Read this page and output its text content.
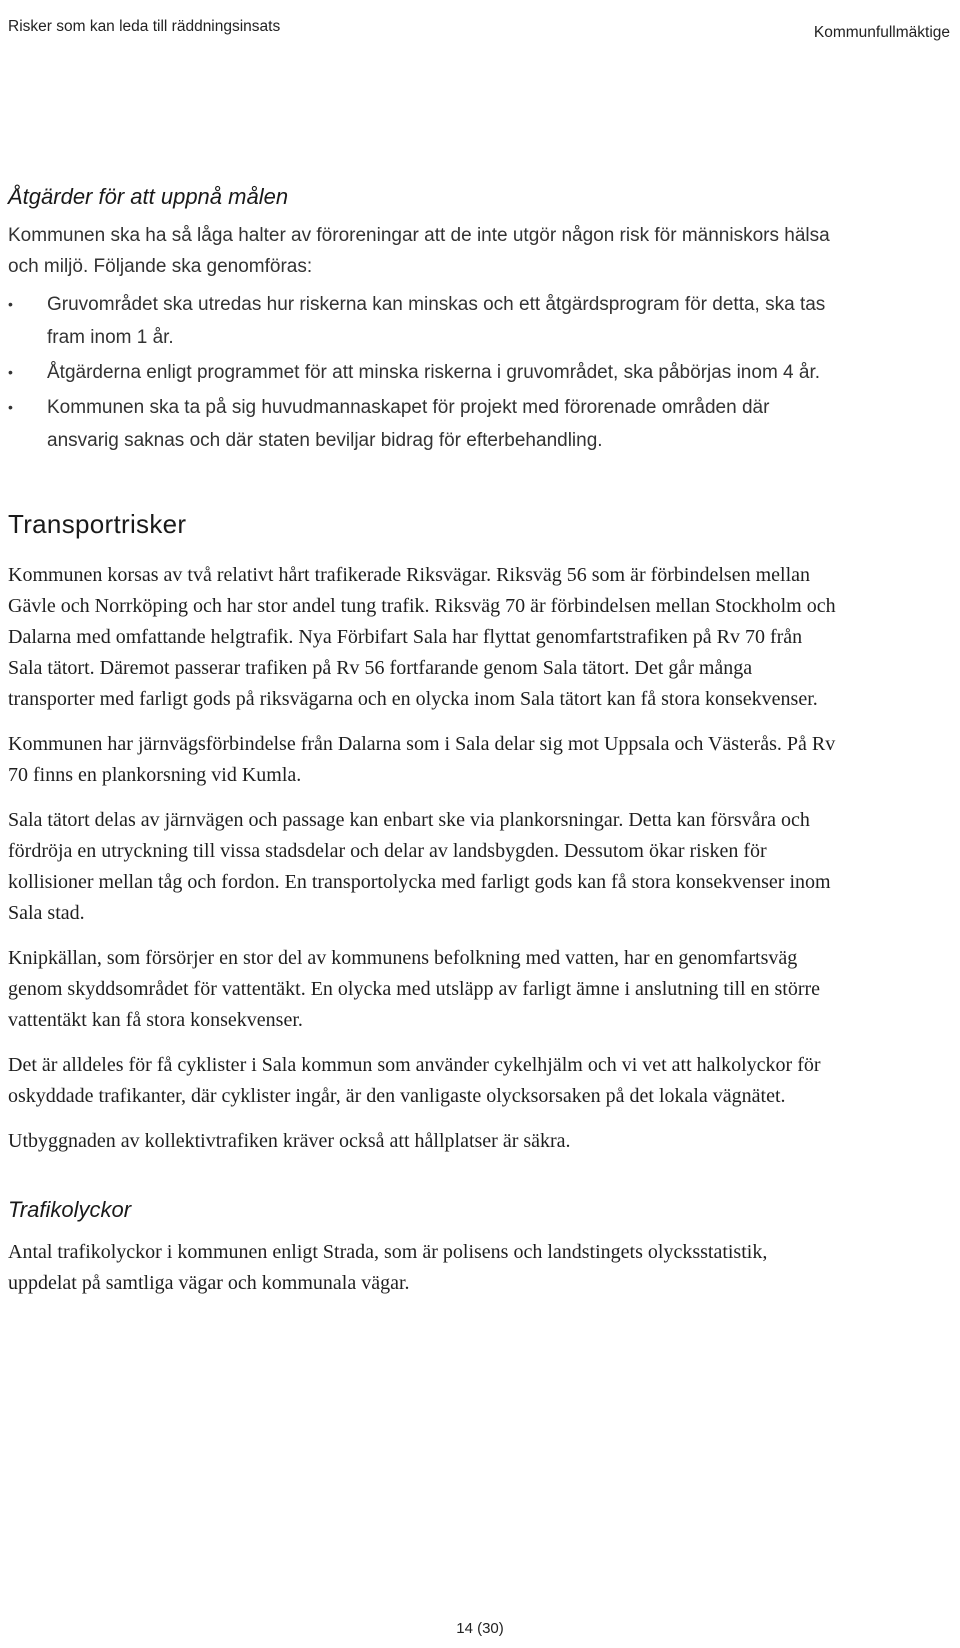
Risker som kan leda till räddningsinsats	Kommunfullmäktige
Åtgärder för att uppnå målen

Kommunen ska ha så låga halter av föroreningar att de inte utgör någon risk för människors hälsa och miljö. Följande ska genomföras:

• Gruvområdet ska utredas hur riskerna kan minskas och ett åtgärdsprogram för detta, ska tas fram inom 1 år.
• Åtgärderna enligt programmet för att minska riskerna i gruvområdet, ska påbörjas inom 4 år.
• Kommunen ska ta på sig huvudmannaskapet för projekt med förorenade områden där ansvarig saknas och där staten beviljar bidrag för efterbehandling.
Transportrisker

Kommunen korsas av två relativt hårt trafikerade Riksvägar. Riksväg 56 som är förbindelsen mellan Gävle och Norrköping och har stor andel tung trafik. Riksväg 70 är förbindelsen mellan Stockholm och Dalarna med omfattande helgtrafik. Nya Förbifart Sala har flyttat genomfartstrafiken på Rv 70 från Sala tätort. Däremot passerar trafiken på Rv 56 fortfarande genom Sala tätort. Det går många transporter med farligt gods på riksvägarna och en olycka inom Sala tätort kan få stora konsekvenser.

Kommunen har järnvägsförbindelse från Dalarna som i Sala delar sig mot Uppsala och Västerås. På Rv 70 finns en plankorsning vid Kumla.

Sala tätort delas av järnvägen och passage kan enbart ske via plankorsningar. Detta kan försvåra och fördröja en utryckning till vissa stadsdelar och delar av landsbygden. Dessutom ökar risken för kollisioner mellan tåg och fordon. En transportolycka med farligt gods kan få stora konsekvenser inom Sala stad.

Knipkällan, som försörjer en stor del av kommunens befolkning med vatten, har en genomfartsväg genom skyddsområdet för vattentäkt. En olycka med utsläpp av farligt ämne i anslutning till en större vattentäkt kan få stora konsekvenser.

Det är alldeles för få cyklister i Sala kommun som använder cykelhjälm och vi vet att halkolyckor för oskyddade trafikanter, där cyklister ingår, är den vanligaste olycksorsaken på det lokala vägnätet.

Utbyggnaden av kollektivtrafiken kräver också att hållplatser är säkra.

Trafikolyckor

Antal trafikolyckor i kommunen enligt Strada, som är polisens och landstingets olycksstatistik, uppdelat på samtliga vägar och kommunala vägar.

14 (30)
